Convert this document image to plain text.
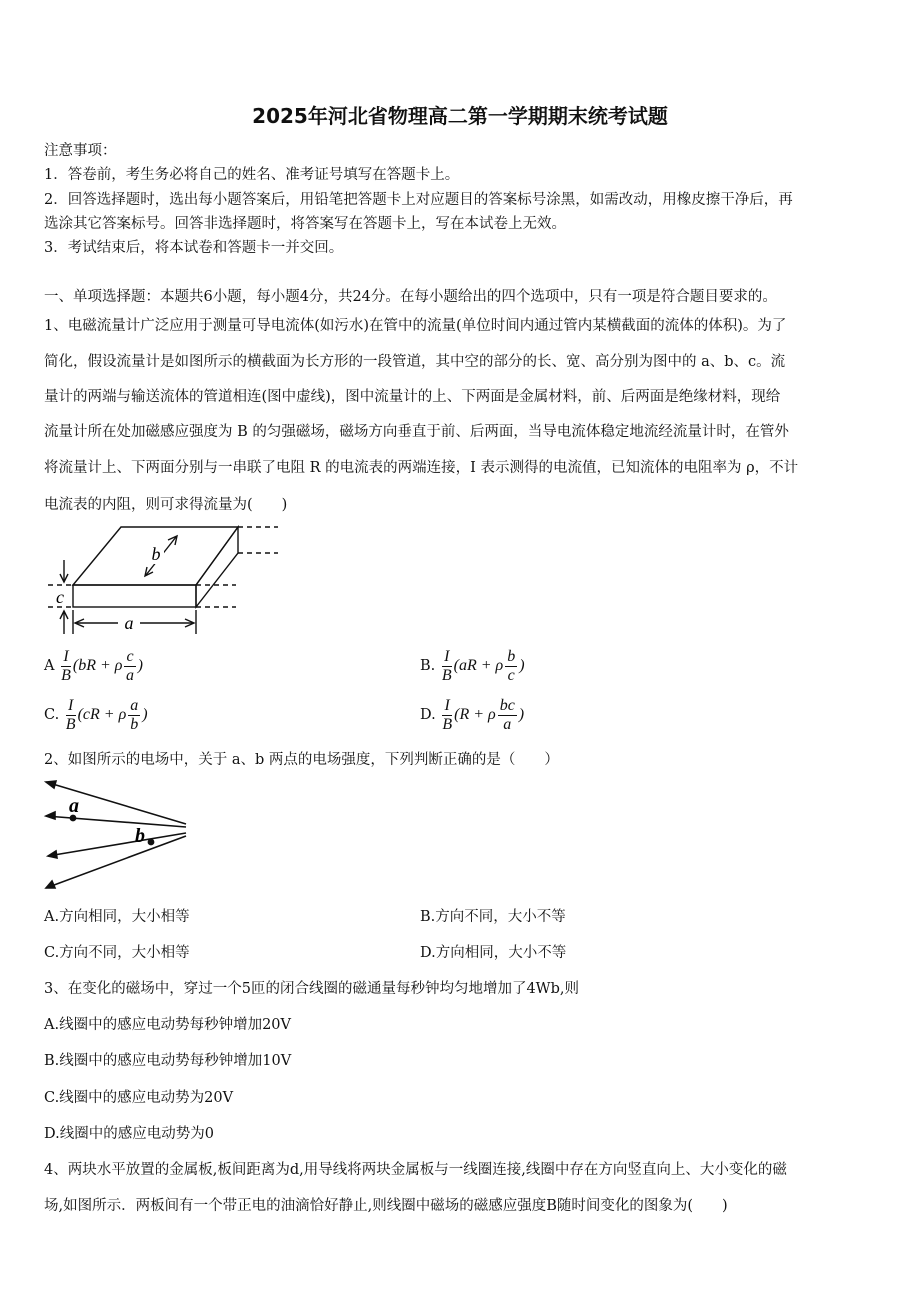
2025年河北省物理高二第一学期期末统考试题
注意事项：
1．答卷前，考生务必将自己的姓名、准考证号填写在答题卡上。
2．回答选择题时，选出每小题答案后，用铅笔把答题卡上对应题目的答案标号涂黑，如需改动，用橡皮擦干净后，再
选涂其它答案标号。回答非选择题时，将答案写在答题卡上，写在本试卷上无效。
3．考试结束后，将本试卷和答题卡一并交回。
一、单项选择题：本题共6小题，每小题4分，共24分。在每小题给出的四个选项中，只有一项是符合题目要求的。
1、电磁流量计广泛应用于测量可导电流体(如污水)在管中的流量(单位时间内通过管内某横截面的流体的体积)。为了
简化，假设流量计是如图所示的横截面为长方形的一段管道，其中空的部分的长、宽、高分别为图中的 a、b、c。流
量计的两端与输送流体的管道相连(图中虚线)，图中流量计的上、下两面是金属材料，前、后两面是绝缘材料，现给
流量计所在处加磁感应强度为 B 的匀强磁场，磁场方向垂直于前、后两面，当导电流体稳定地流经流量计时，在管外
将流量计上、下两面分别与一串联了电阻 R 的电流表的两端连接，I 表示测得的电流值，已知流体的电阻率为 ρ，不计
电流表的内阻，则可求得流量为(　　)
a
b
c
A $\frac{I}{B} (bR + \rho \frac{c}{a}$ )	B. $\frac{I}{B} (aR + \rho \frac{b}{c}$ )
C. $\frac{I}{B} (cR + \rho \frac{a}{b}$ )	D. $\frac{I}{B} (R + \rho \frac{bc}{a}$ )
2、如图所示的电场中，关于 a、b 两点的电场强度，下列判断正确的是（　　）
a
b
A.方向相同，大小相等	B.方向不同，大小不等
C.方向不同，大小相等	D.方向相同，大小不等
3、在变化的磁场中，穿过一个5匝的闭合线圈的磁通量每秒钟均匀地增加了4Wb,则
A.线圈中的感应电动势每秒钟增加20V
B.线圈中的感应电动势每秒钟增加10V
C.线圈中的感应电动势为20V
D.线圈中的感应电动势为0
4、两块水平放置的金属板,板间距离为d,用导线将两块金属板与一线圈连接,线圈中存在方向竖直向上、大小变化的磁
场,如图所示．两板间有一个带正电的油滴恰好静止,则线圈中磁场的磁感应强度B随时间变化的图象为(　　)
